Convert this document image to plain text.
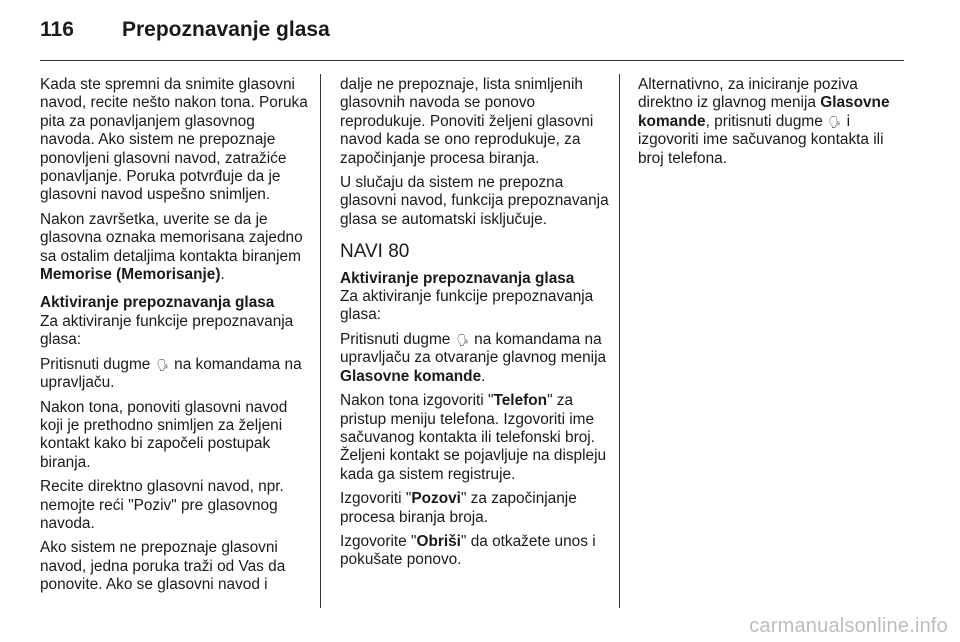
116	Prepoznavanje glasa

Kada ste spremni da snimite glasovni navod, recite nešto nakon tona. Poruka pita za ponavljanjem glasovnog navoda. Ako sistem ne prepoznaje ponovljeni glasovni navod, zatražiće ponavljanje. Poruka potvrđuje da je glasovni navod uspešno snimljen.

Nakon završetka, uverite se da je glasovna oznaka memorisana zajedno sa ostalim detaljima kontakta biranjem Memorise (Memorisanje).

Aktiviranje prepoznavanja glasa

Za aktiviranje funkcije prepoznavanja glasa:

Pritisnuti dugme 🗣︎ na komandama na upravljaču.

Nakon tona, ponoviti glasovni navod koji je prethodno snimljen za željeni kontakt kako bi započeli postupak biranja.

Recite direktno glasovni navod, npr. nemojte reći "Poziv" pre glasovnog navoda.

Ako sistem ne prepoznaje glasovni navod, jedna poruka traži od Vas da ponovite. Ako se glasovni navod i

dalje ne prepoznaje, lista snimljenih glasovnih navoda se ponovo reprodukuje. Ponoviti željeni glasovni navod kada se ono reprodukuje, za započinjanje procesa biranja.

U slučaju da sistem ne prepozna glasovni navod, funkcija prepoznavanja glasa se automatski isključuje.

NAVI 80

Aktiviranje prepoznavanja glasa

Za aktiviranje funkcije prepoznavanja glasa:

Pritisnuti dugme 🗣︎ na komandama na upravljaču za otvaranje glavnog menija Glasovne komande.

Nakon tona izgovoriti "Telefon" za pristup meniju telefona. Izgovoriti ime sačuvanog kontakta ili telefonski broj. Željeni kontakt se pojavljuje na displeju kada ga sistem registruje.

Izgovoriti "Pozovi" za započinjanje procesa biranja broja.

Izgovorite "Obriši" da otkažete unos i pokušate ponovo.

Alternativno, za iniciranje poziva direktno iz glavnog menija Glasovne komande, pritisnuti dugme 🗣︎ i izgovoriti ime sačuvanog kontakta ili broj telefona.

carmanualsonline.info
